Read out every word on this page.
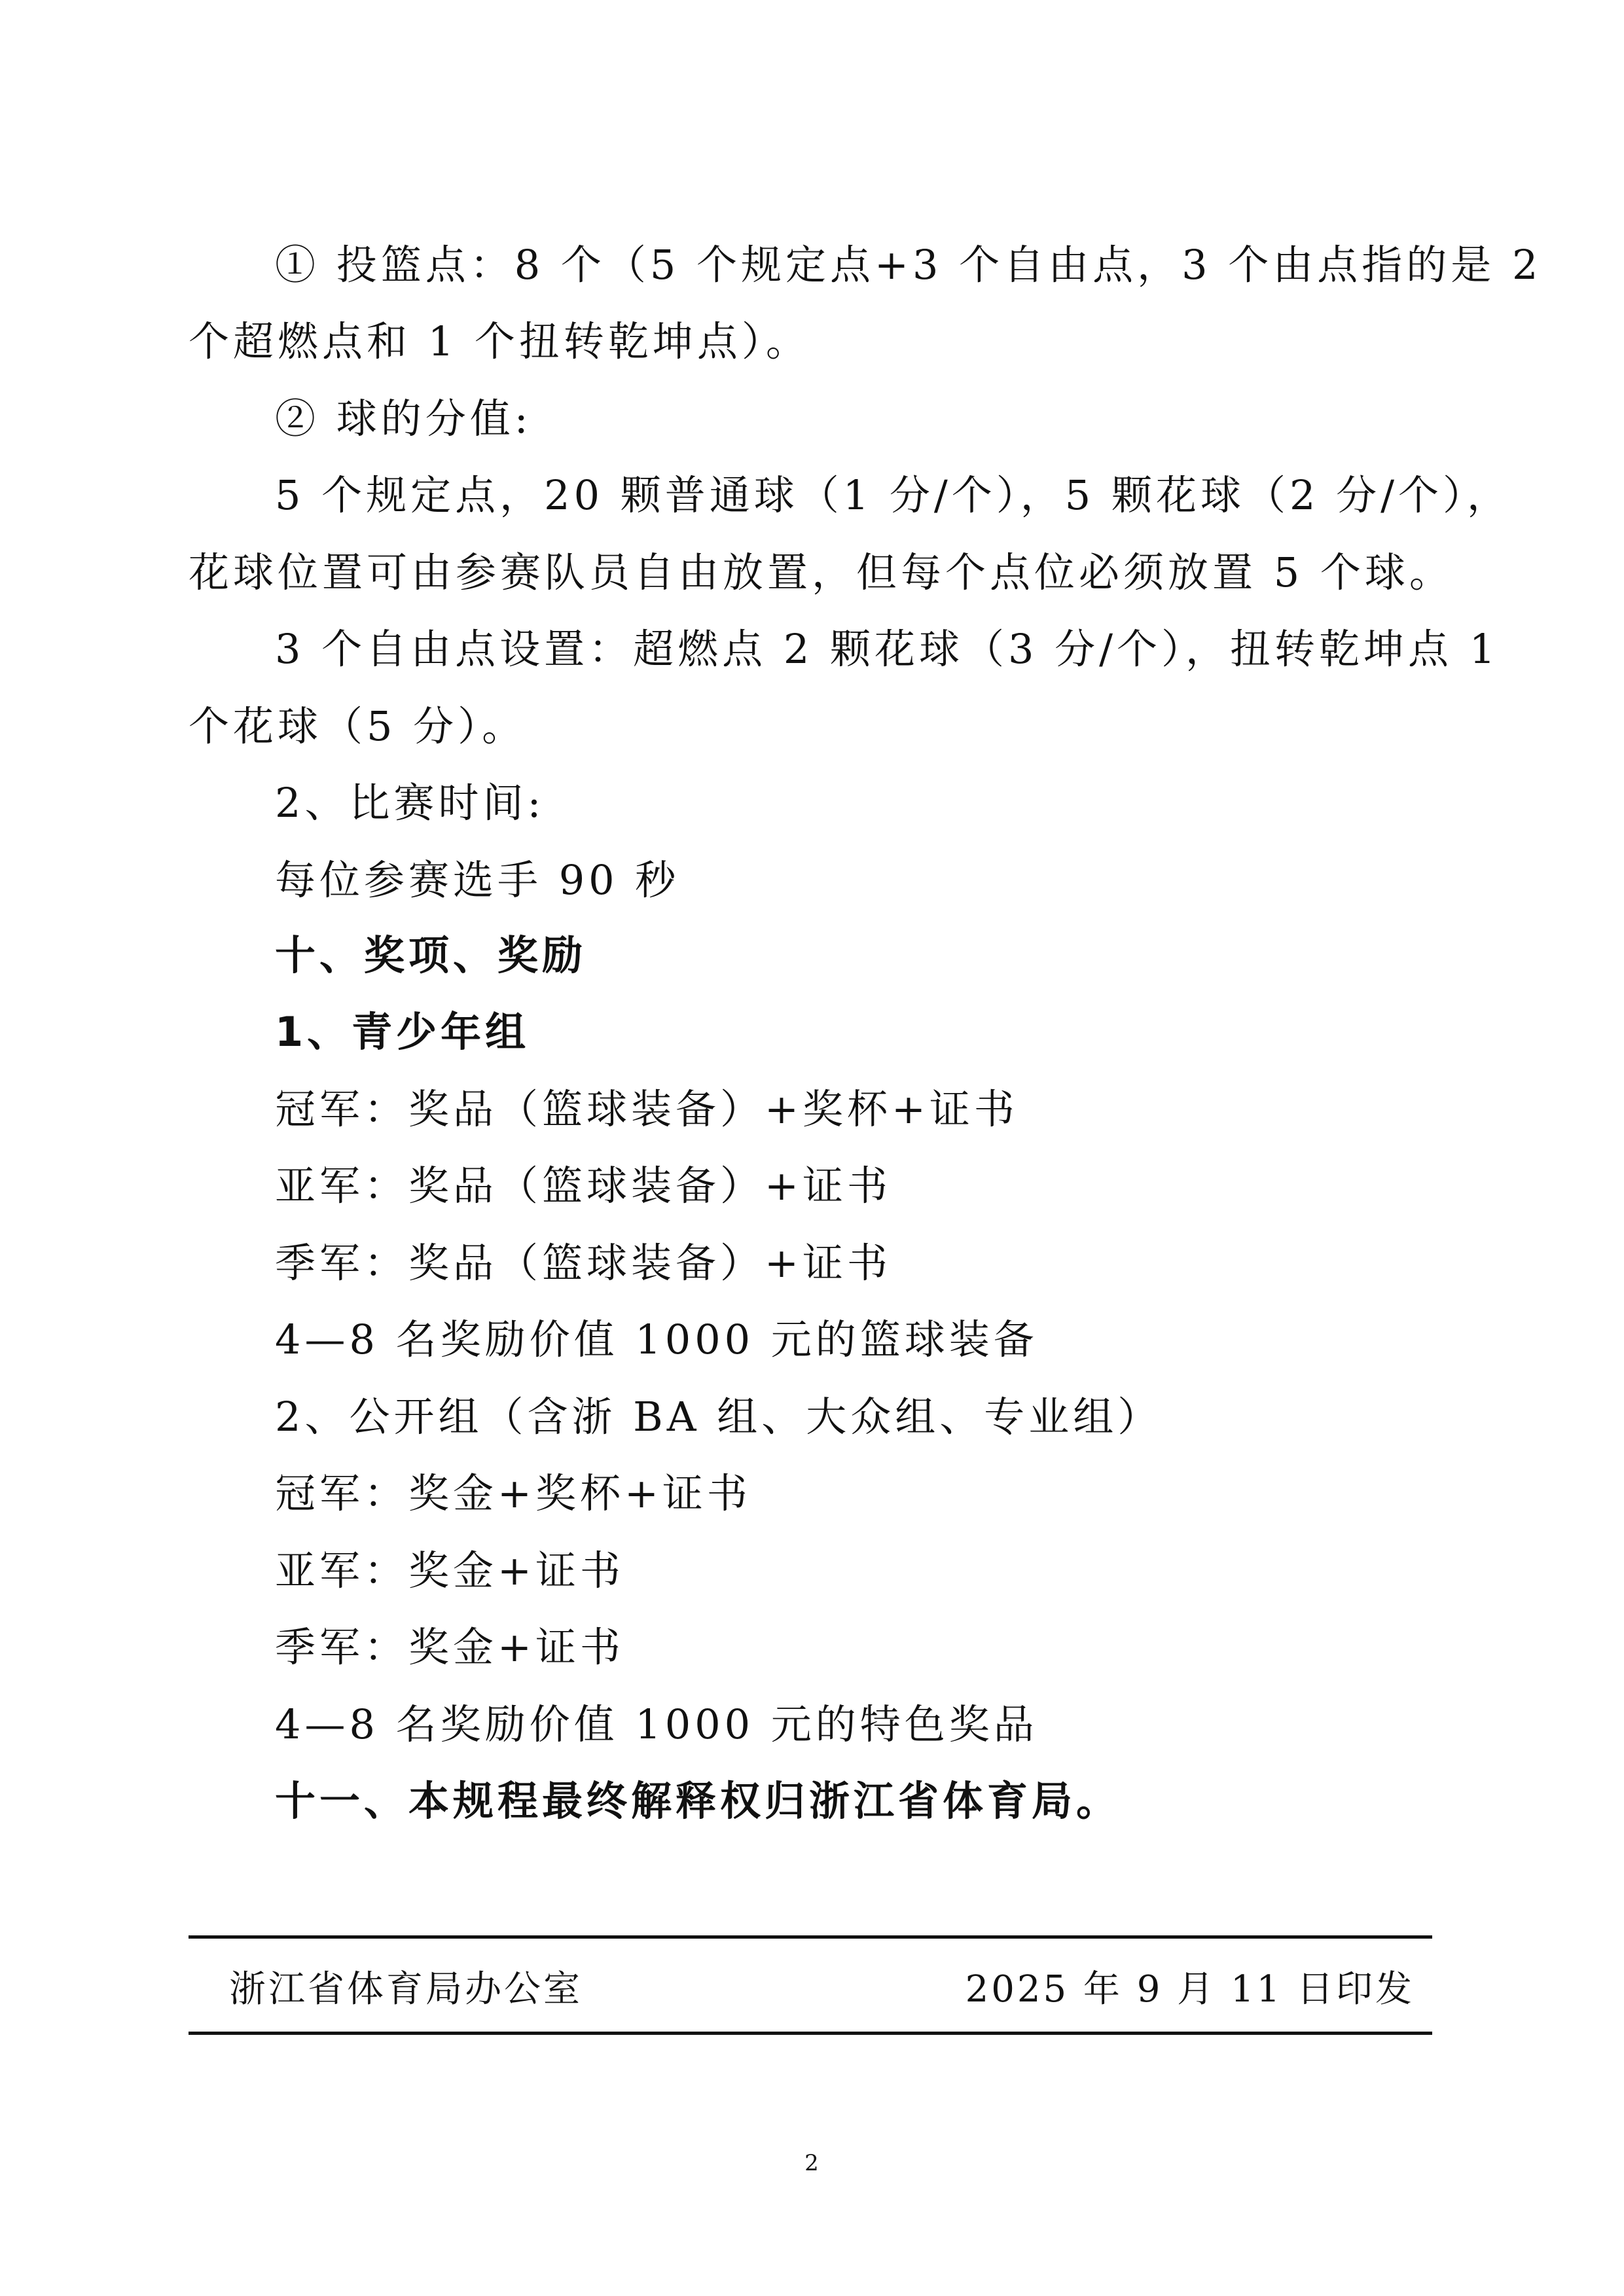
① 投篮点：8 个（5 个规定点+3 个自由点，3 个由点指的是 2
个超燃点和 1 个扭转乾坤点）。
② 球的分值:
5 个规定点，20 颗普通球（1 分/个），5 颗花球（2 分/个），
花球位置可由参赛队员自由放置，但每个点位必须放置 5 个球。
3 个自由点设置：超燃点 2 颗花球（3 分/个），扭转乾坤点 1
个花球（5 分）。
2、比赛时间:
每位参赛选手 90 秒
十、奖项、奖励
1、青少年组
冠军：奖品（篮球装备）+奖杯+证书
亚军：奖品（篮球装备）+证书
季军：奖品（篮球装备）+证书
4—8 名奖励价值 1000 元的篮球装备
2、公开组（含浙 BA 组、大众组、专业组）
冠军：奖金+奖杯+证书
亚军：奖金+证书
季军：奖金+证书
4—8 名奖励价值 1000 元的特色奖品
十一、本规程最终解释权归浙江省体育局。
浙江省体育局办公室	2025 年 9 月 11 日印发
2
